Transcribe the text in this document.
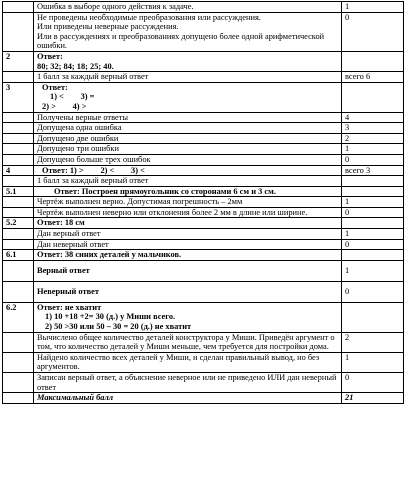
	Ошибка в выборе одного действия к задаче.	1

	Не проведены необходимые преобразования или рассуждения.
Или приведены неверные рассуждения.
Или в рассуждениях и преобразованиях допущено более одной арифметической ошибки.	0
2	Ответ:
80; 32; 84; 18; 25; 40.	

	1 балл за каждый верный ответ	всего 6
3	Ответ:
1) <        3) =
2) >        4) >	

	Получены верные ответы	4
	Допущена одна ошибка	3
	Допущено две ошибки	2
	Допущено три ошибки	1
	Допущено больше трех ошибок	0
4	Ответ: 1) >        2) <        3) <	всего 3
	1 балл за каждый верный ответ	
5.1	Ответ: Построен прямоугольник со сторонами 6 см и 3 см.	
	Чертёж выполнен верно. Допустимая погрешность – 2мм	1
	Чертёж выполнен неверно или отклонения более 2 мм в длине или ширине.	0
5.2	Ответ: 18 см	
	Дан верный ответ	1
	Дан неверный ответ	0
6.1	Ответ: 38 синих деталей у мальчиков.	
	Верный ответ	1
	Неверный ответ	0
6.2	Ответ: не хватит
1) 10 +18 +2= 30 (д.) у Миши всего.
2) 50 >30 или 50 – 30 = 20 (д.) не хватит	

	Вычислено общее количество деталей конструктора у Миши. Приведён аргумент о том, что количество деталей у Миши меньше, чем требуется для постройки дома.	2
	Найдено количество всех деталей у Миши, и сделан правильный вывод, но без аргументов.	1
	Записан верный ответ, а объяснение неверное или не приведено ИЛИ дан неверный ответ	0
	Максимальный балл	21
